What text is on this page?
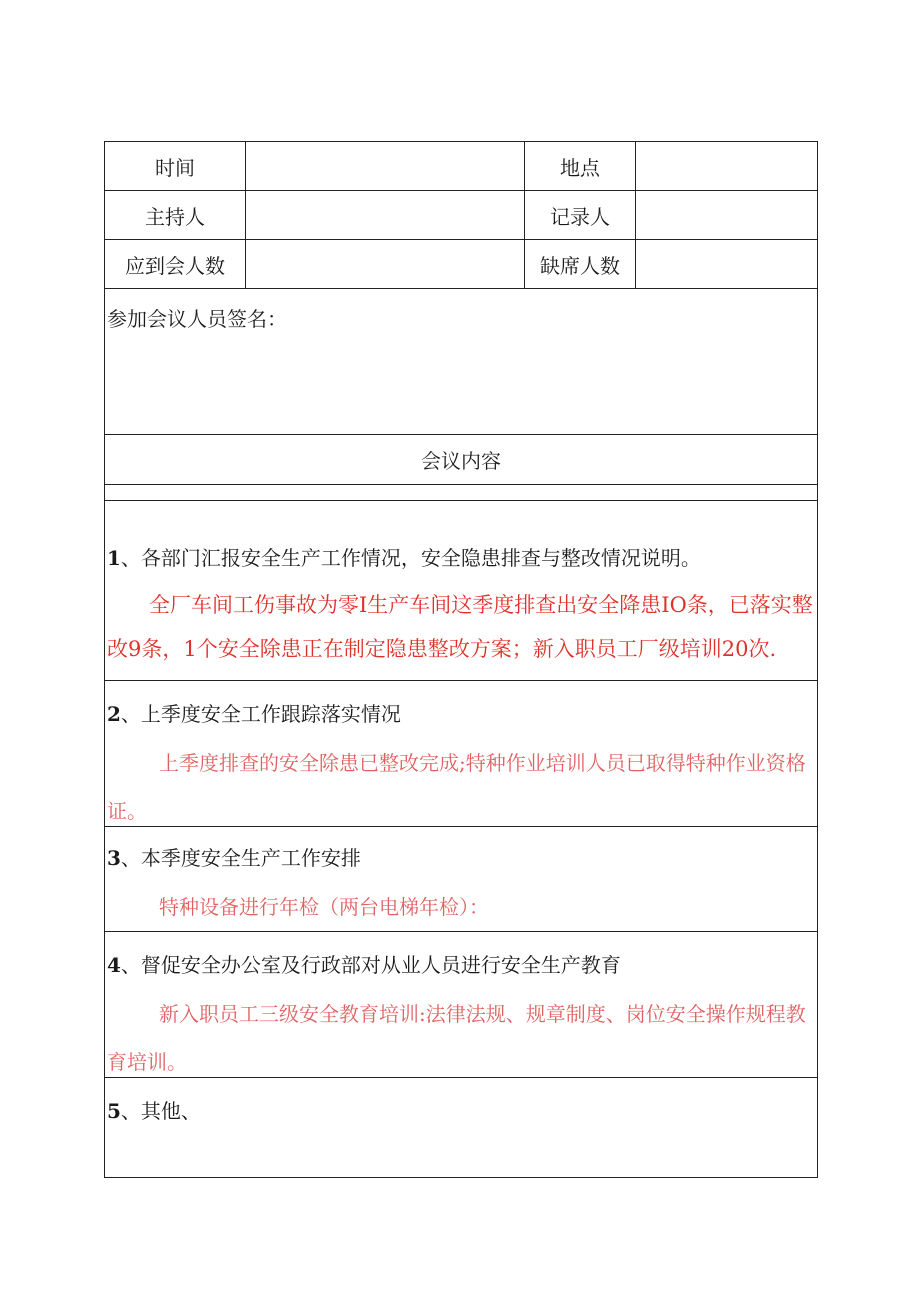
时间	地点
主持人	记录人
应到会人数	缺席人数
参加会议人员签名：
会议内容
1、各部门汇报安全生产工作情况，安全隐患排查与整改情况说明。
全厂车间工伤事故为零I生产车间这季度排查出安全降患IO条，已落实整改9条，1个安全除患正在制定隐患整改方案；新入职员工厂级培训20次.
2、上季度安全工作跟踪落实情况
上季度排查的安全除患已整改完成;特种作业培训人员已取得特种作业资格证。
3、本季度安全生产工作安排
特种设备进行年检（两台电梯年检）：
4、督促安全办公室及行政部对从业人员进行安全生产教育
新入职员工三级安全教育培训:法律法规、规章制度、岗位安全操作规程教育培训。
5、其他、
